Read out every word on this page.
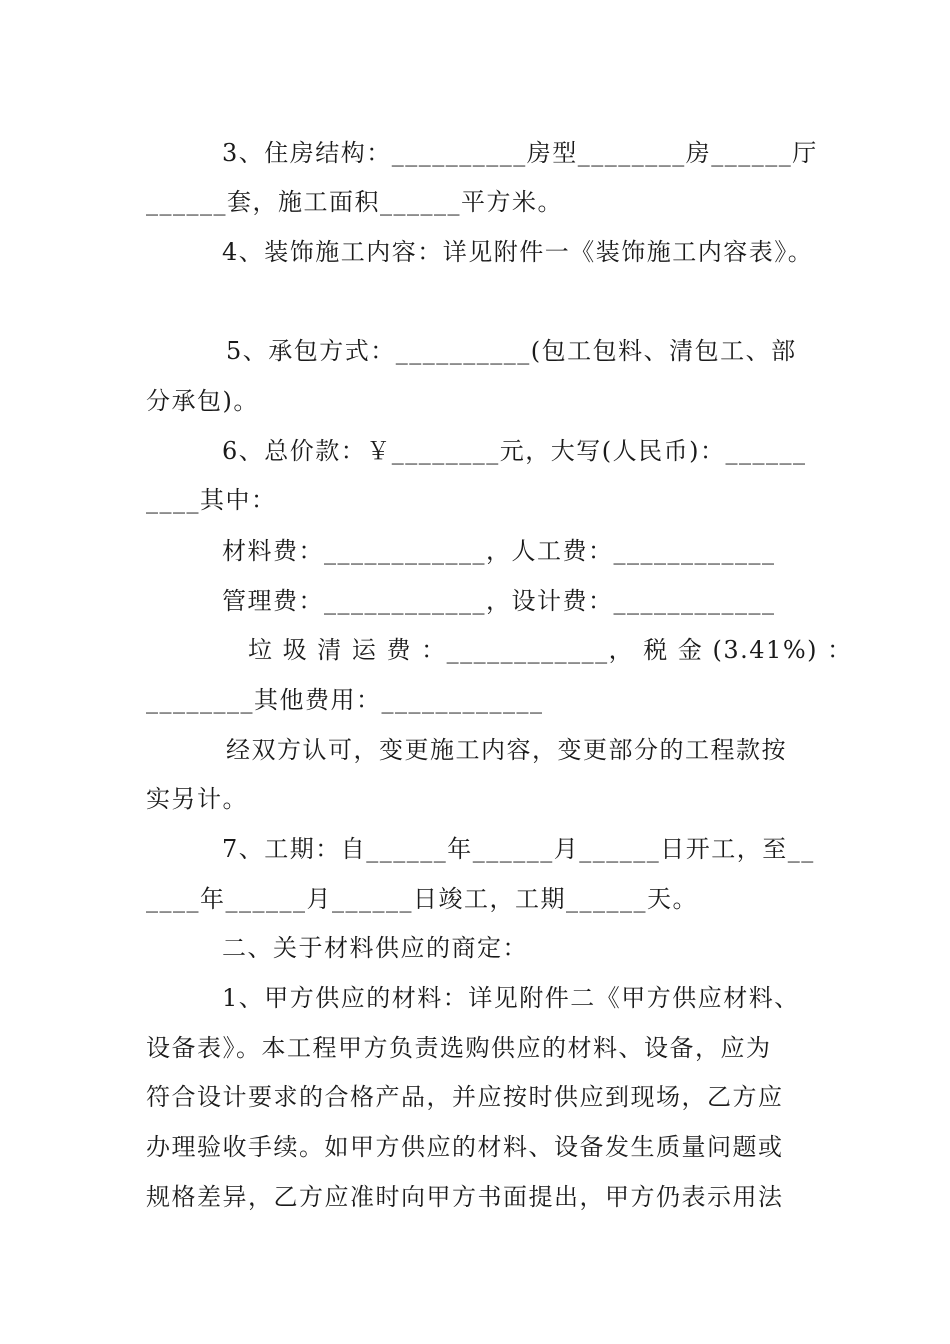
3、住房结构：__________房型________房______厅
______套，施工面积______平方米。
4、装饰施工内容：详见附件一《装饰施工内容表》。
5、承包方式：__________(包工包料、清包工、部
分承包)。
6、总价款：￥________元，大写(人民币)：______
____其中：
材料费：____________，人工费：____________
管理费：____________，设计费：____________
垃 圾 清 运 费 ：____________， 税 金 (3.41%) ：
________其他费用：____________
经双方认可，变更施工内容，变更部分的工程款按
实另计。
7、工期：自______年______月______日开工，至__
____年______月______日竣工，工期______天。
二、关于材料供应的商定：
1、甲方供应的材料：详见附件二《甲方供应材料、
设备表》。本工程甲方负责选购供应的材料、设备，应为
符合设计要求的合格产品，并应按时供应到现场，乙方应
办理验收手续。如甲方供应的材料、设备发生质量问题或
规格差异，乙方应准时向甲方书面提出，甲方仍表示用法
